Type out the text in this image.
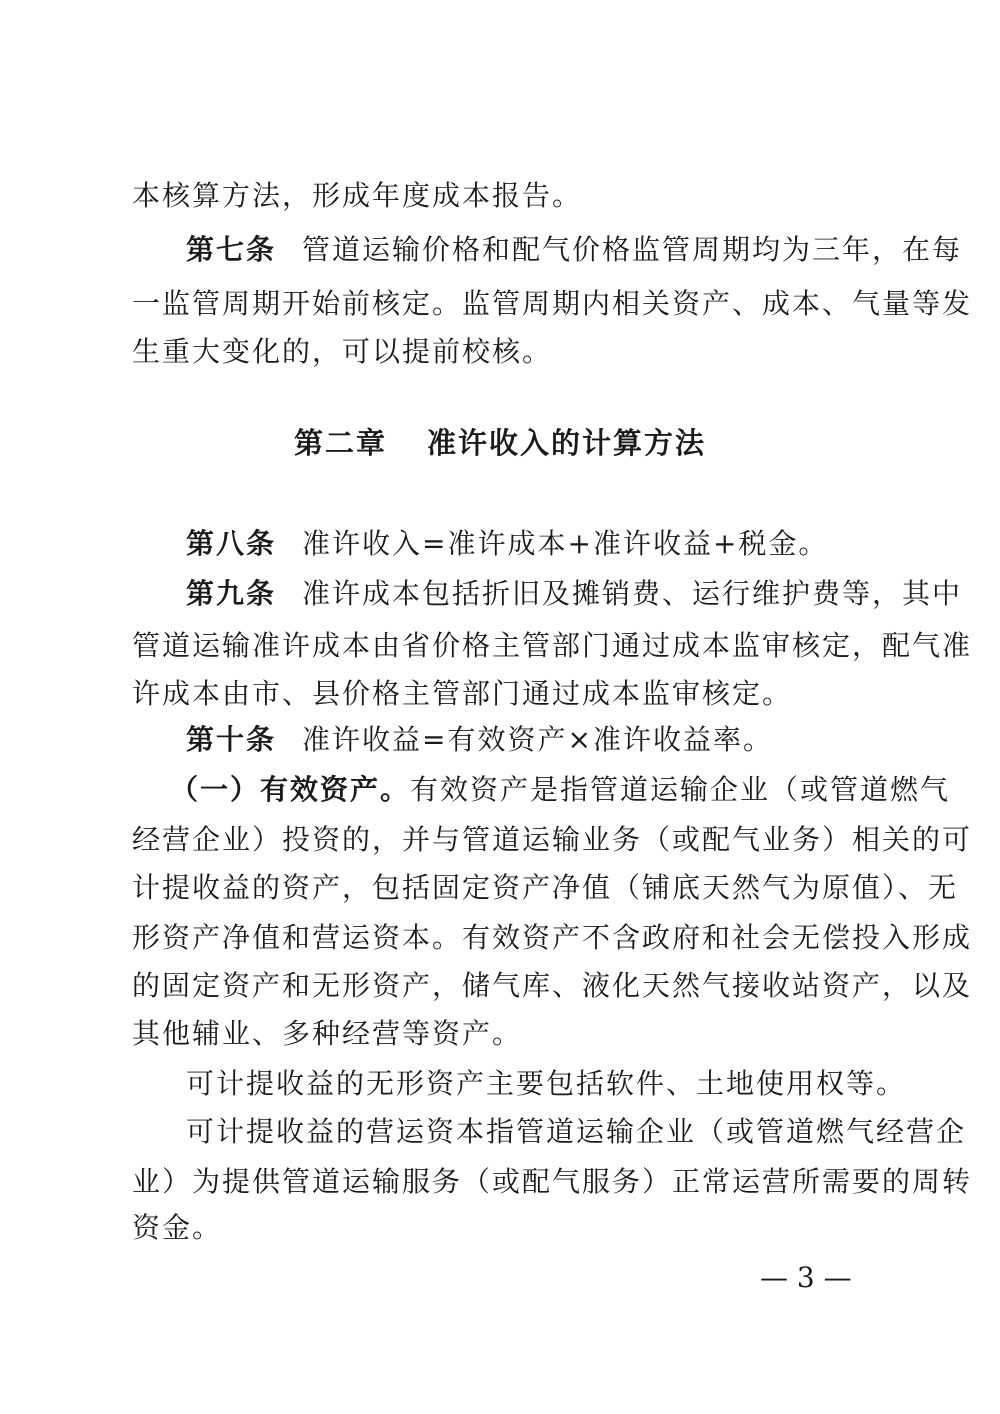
本核算方法，形成年度成本报告。
第七条 管道运输价格和配气价格监管周期均为三年，在每
一监管周期开始前核定。监管周期内相关资产、成本、气量等发
生重大变化的，可以提前校核。
第二章 准许收入的计算方法
第八条 准许收入=准许成本+准许收益+税金。
第九条 准许成本包括折旧及摊销费、运行维护费等，其中
管道运输准许成本由省价格主管部门通过成本监审核定，配气准
许成本由市、县价格主管部门通过成本监审核定。
第十条 准许收益=有效资产×准许收益率。
（一）有效资产。有效资产是指管道运输企业（或管道燃气
经营企业）投资的，并与管道运输业务（或配气业务）相关的可
计提收益的资产，包括固定资产净值（铺底天然气为原值）、无
形资产净值和营运资本。有效资产不含政府和社会无偿投入形成
的固定资产和无形资产，储气库、液化天然气接收站资产，以及
其他辅业、多种经营等资产。
可计提收益的无形资产主要包括软件、土地使用权等。
可计提收益的营运资本指管道运输企业（或管道燃气经营企
业）为提供管道运输服务（或配气服务）正常运营所需要的周转
资金。
— 3 —
